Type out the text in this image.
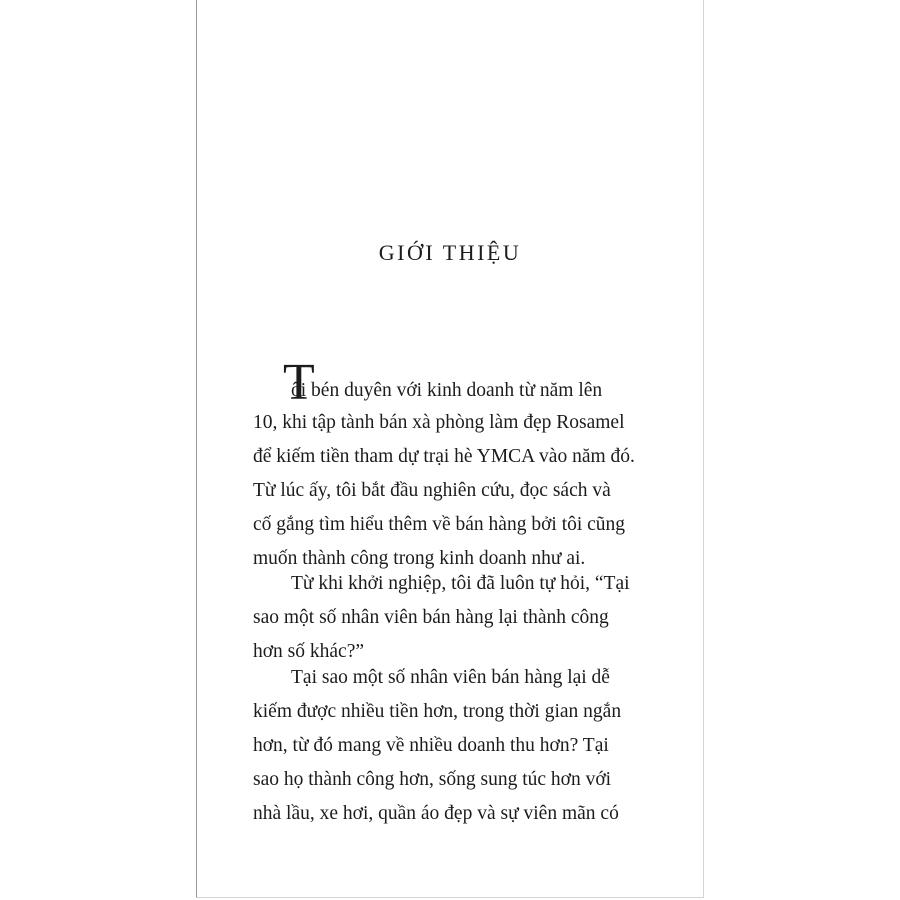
GIỚI THIỆU
T
ôi bén duyên với kinh doanh từ năm lên
10, khi tập tành bán xà phòng làm đẹp Rosamel
để kiếm tiền tham dự trại hè YMCA vào năm đó.
Từ lúc ấy, tôi bắt đầu nghiên cứu, đọc sách và
cố gắng tìm hiểu thêm về bán hàng bởi tôi cũng
muốn thành công trong kinh doanh như ai.
Từ khi khởi nghiệp, tôi đã luôn tự hỏi, “Tại
sao một số nhân viên bán hàng lại thành công
hơn số khác?”
Tại sao một số nhân viên bán hàng lại dễ
kiếm được nhiều tiền hơn, trong thời gian ngắn
hơn, từ đó mang về nhiều doanh thu hơn? Tại
sao họ thành công hơn, sống sung túc hơn với
nhà lầu, xe hơi, quần áo đẹp và sự viên mãn có
